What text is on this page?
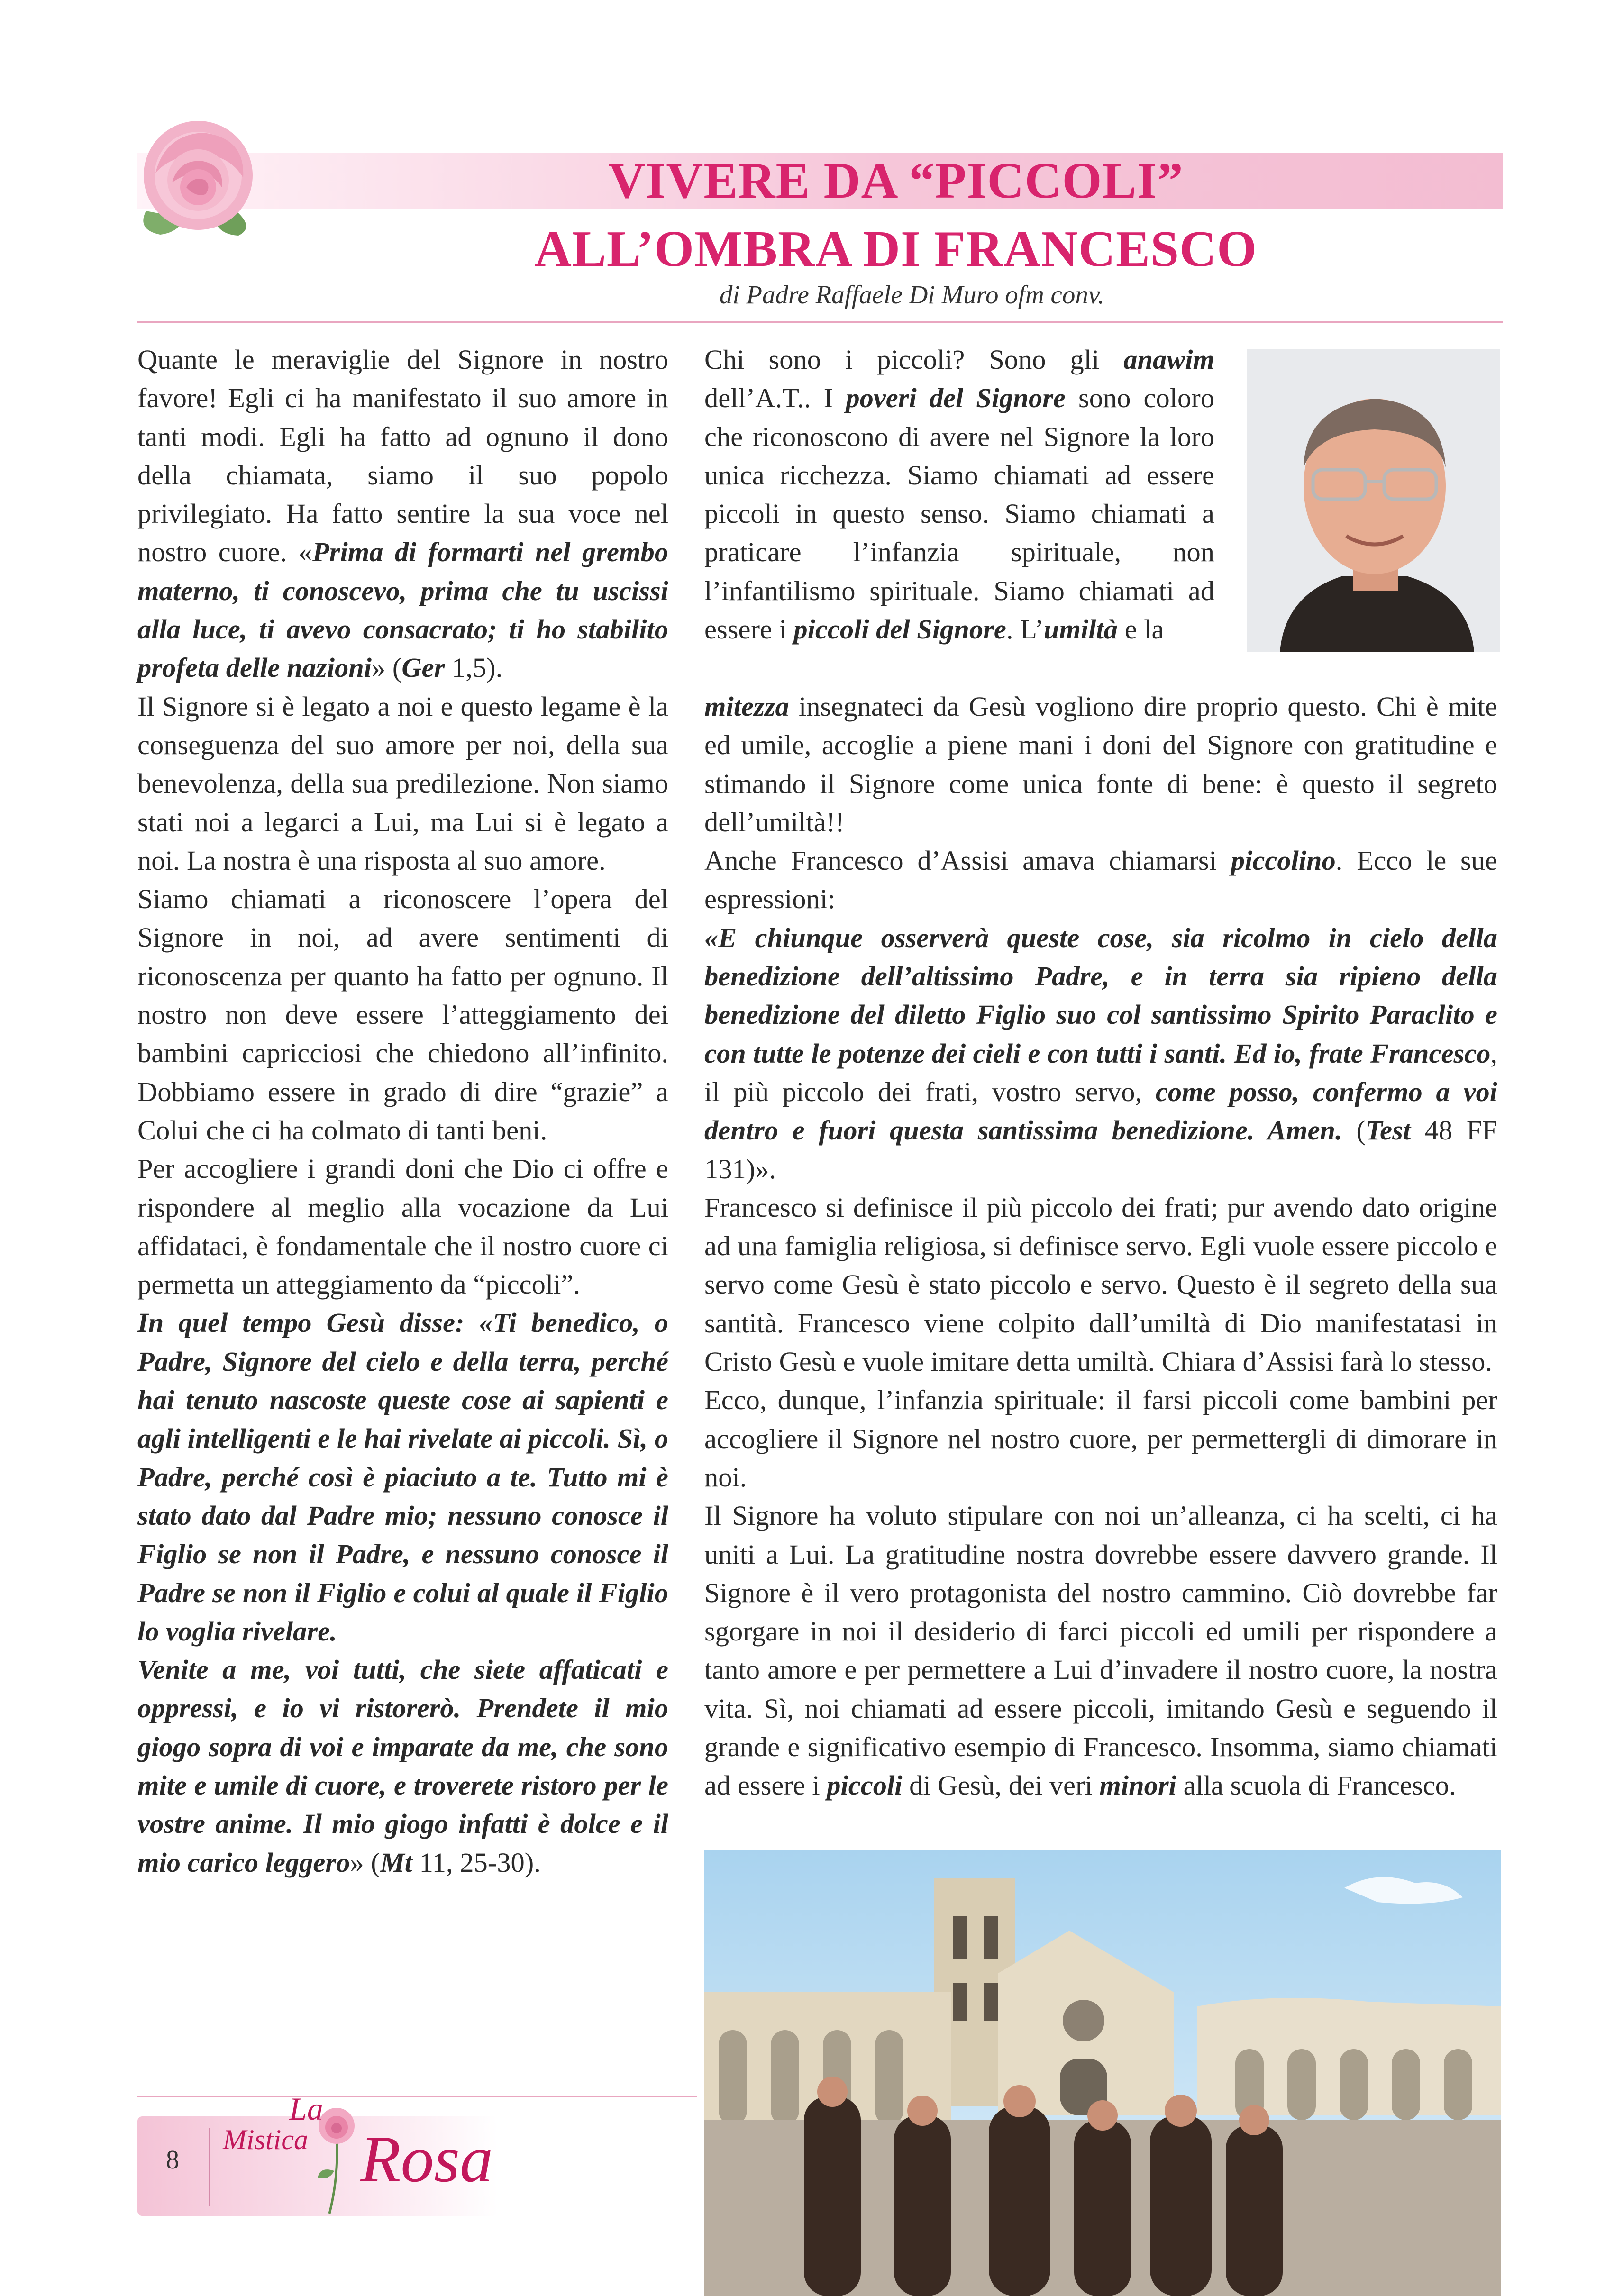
VIVERE DA “PICCOLI”
ALL’OMBRA DI FRANCESCO
di Padre Raffaele Di Muro ofm conv.

Quante le meraviglie del Signore in nostro favore! Egli ci ha manifestato il suo amore in tanti modi. Egli ha fatto ad ognuno il dono della chiamata, siamo il suo popolo privilegiato. Ha fatto sentire la sua voce nel nostro cuore. «Prima di formarti nel grembo materno, ti conoscevo, prima che tu uscissi alla luce, ti avevo consacrato; ti ho stabilito profeta delle nazioni» (Ger 1,5).

Il Signore si è legato a noi e questo legame è la conseguenza del suo amore per noi, della sua benevolenza, della sua predilezione. Non siamo stati noi a legarci a Lui, ma Lui si è legato a noi. La nostra è una risposta al suo amore.

Siamo chiamati a riconoscere l’opera del Signore in noi, ad avere sentimenti di riconoscenza per quanto ha fatto per ognuno. Il nostro non deve essere l’atteggiamento dei bambini capricciosi che chiedono all’infinito. Dobbiamo essere in grado di dire “grazie” a Colui che ci ha colmato di tanti beni.

Per accogliere i grandi doni che Dio ci offre e rispondere al meglio alla vocazione da Lui affidataci, è fondamentale che il nostro cuore ci permetta un atteggiamento da “piccoli”.

In quel tempo Gesù disse: «Ti benedico, o Padre, Signore del cielo e della terra, perché hai tenuto nascoste queste cose ai sapienti e agli intelligenti e le hai rivelate ai piccoli. Sì, o Padre, perché così è piaciuto a te. Tutto mi è stato dato dal Padre mio; nessuno conosce il Figlio se non il Padre, e nessuno conosce il Padre se non il Figlio e colui al quale il Figlio lo voglia rivelare.

Venite a me, voi tutti, che siete affaticati e oppressi, e io vi ristorerò. Prendete il mio giogo sopra di voi e imparate da me, che sono mite e umile di cuore, e troverete ristoro per le vostre anime. Il mio giogo infatti è dolce e il mio carico leggero» (Mt 11, 25-30).

Chi sono i piccoli? Sono gli anawim dell’A.T.. I poveri del Signore sono coloro che riconoscono di avere nel Signore la loro unica ricchezza. Siamo chiamati ad essere piccoli in questo senso. Siamo chiamati a praticare l’infanzia spirituale, non l’infantilismo spirituale. Siamo chiamati ad essere i piccoli del Signore. L’umiltà e la

mitezza insegnateci da Gesù vogliono dire proprio questo. Chi è mite ed umile, accoglie a piene mani i doni del Signore con gratitudine e stimando il Signore come unica fonte di bene: è questo il segreto dell’umiltà!!

Anche Francesco d’Assisi amava chiamarsi piccolino. Ecco le sue espressioni:

«E chiunque osserverà queste cose, sia ricolmo in cielo della benedizione dell’altissimo Padre, e in terra sia ripieno della benedizione del diletto Figlio suo col santissimo Spirito Paraclito e con tutte le potenze dei cieli e con tutti i santi. Ed io, frate Francesco, il più piccolo dei frati, vostro servo, come posso, confermo a voi dentro e fuori questa santissima benedizione. Amen. (Test 48 FF 131)».

Francesco si definisce il più piccolo dei frati; pur avendo dato origine ad una famiglia religiosa, si definisce servo. Egli vuole essere piccolo e servo come Gesù è stato piccolo e servo. Questo è il segreto della sua santità. Francesco viene colpito dall’umiltà di Dio manifestatasi in Cristo Gesù e vuole imitare detta umiltà. Chiara d’Assisi farà lo stesso.

Ecco, dunque, l’infanzia spirituale: il farsi piccoli come bambini per accogliere il Signore nel nostro cuore, per permettergli di dimorare in noi.

Il Signore ha voluto stipulare con noi un’alleanza, ci ha scelti, ci ha uniti a Lui. La gratitudine nostra dovrebbe essere davvero grande. Il Signore è il vero protagonista del nostro cammino. Ciò dovrebbe far sgorgare in noi il desiderio di farci piccoli ed umili per rispondere a tanto amore e per permettere a Lui d’invadere il nostro cuore, la nostra vita. Sì, noi chiamati ad essere piccoli, imitando Gesù e seguendo il grande e significativo esempio di Francesco. Insomma, siamo chiamati ad essere i piccoli di Gesù, dei veri minori alla scuola di Francesco.

8
La
Mistica Rosa
